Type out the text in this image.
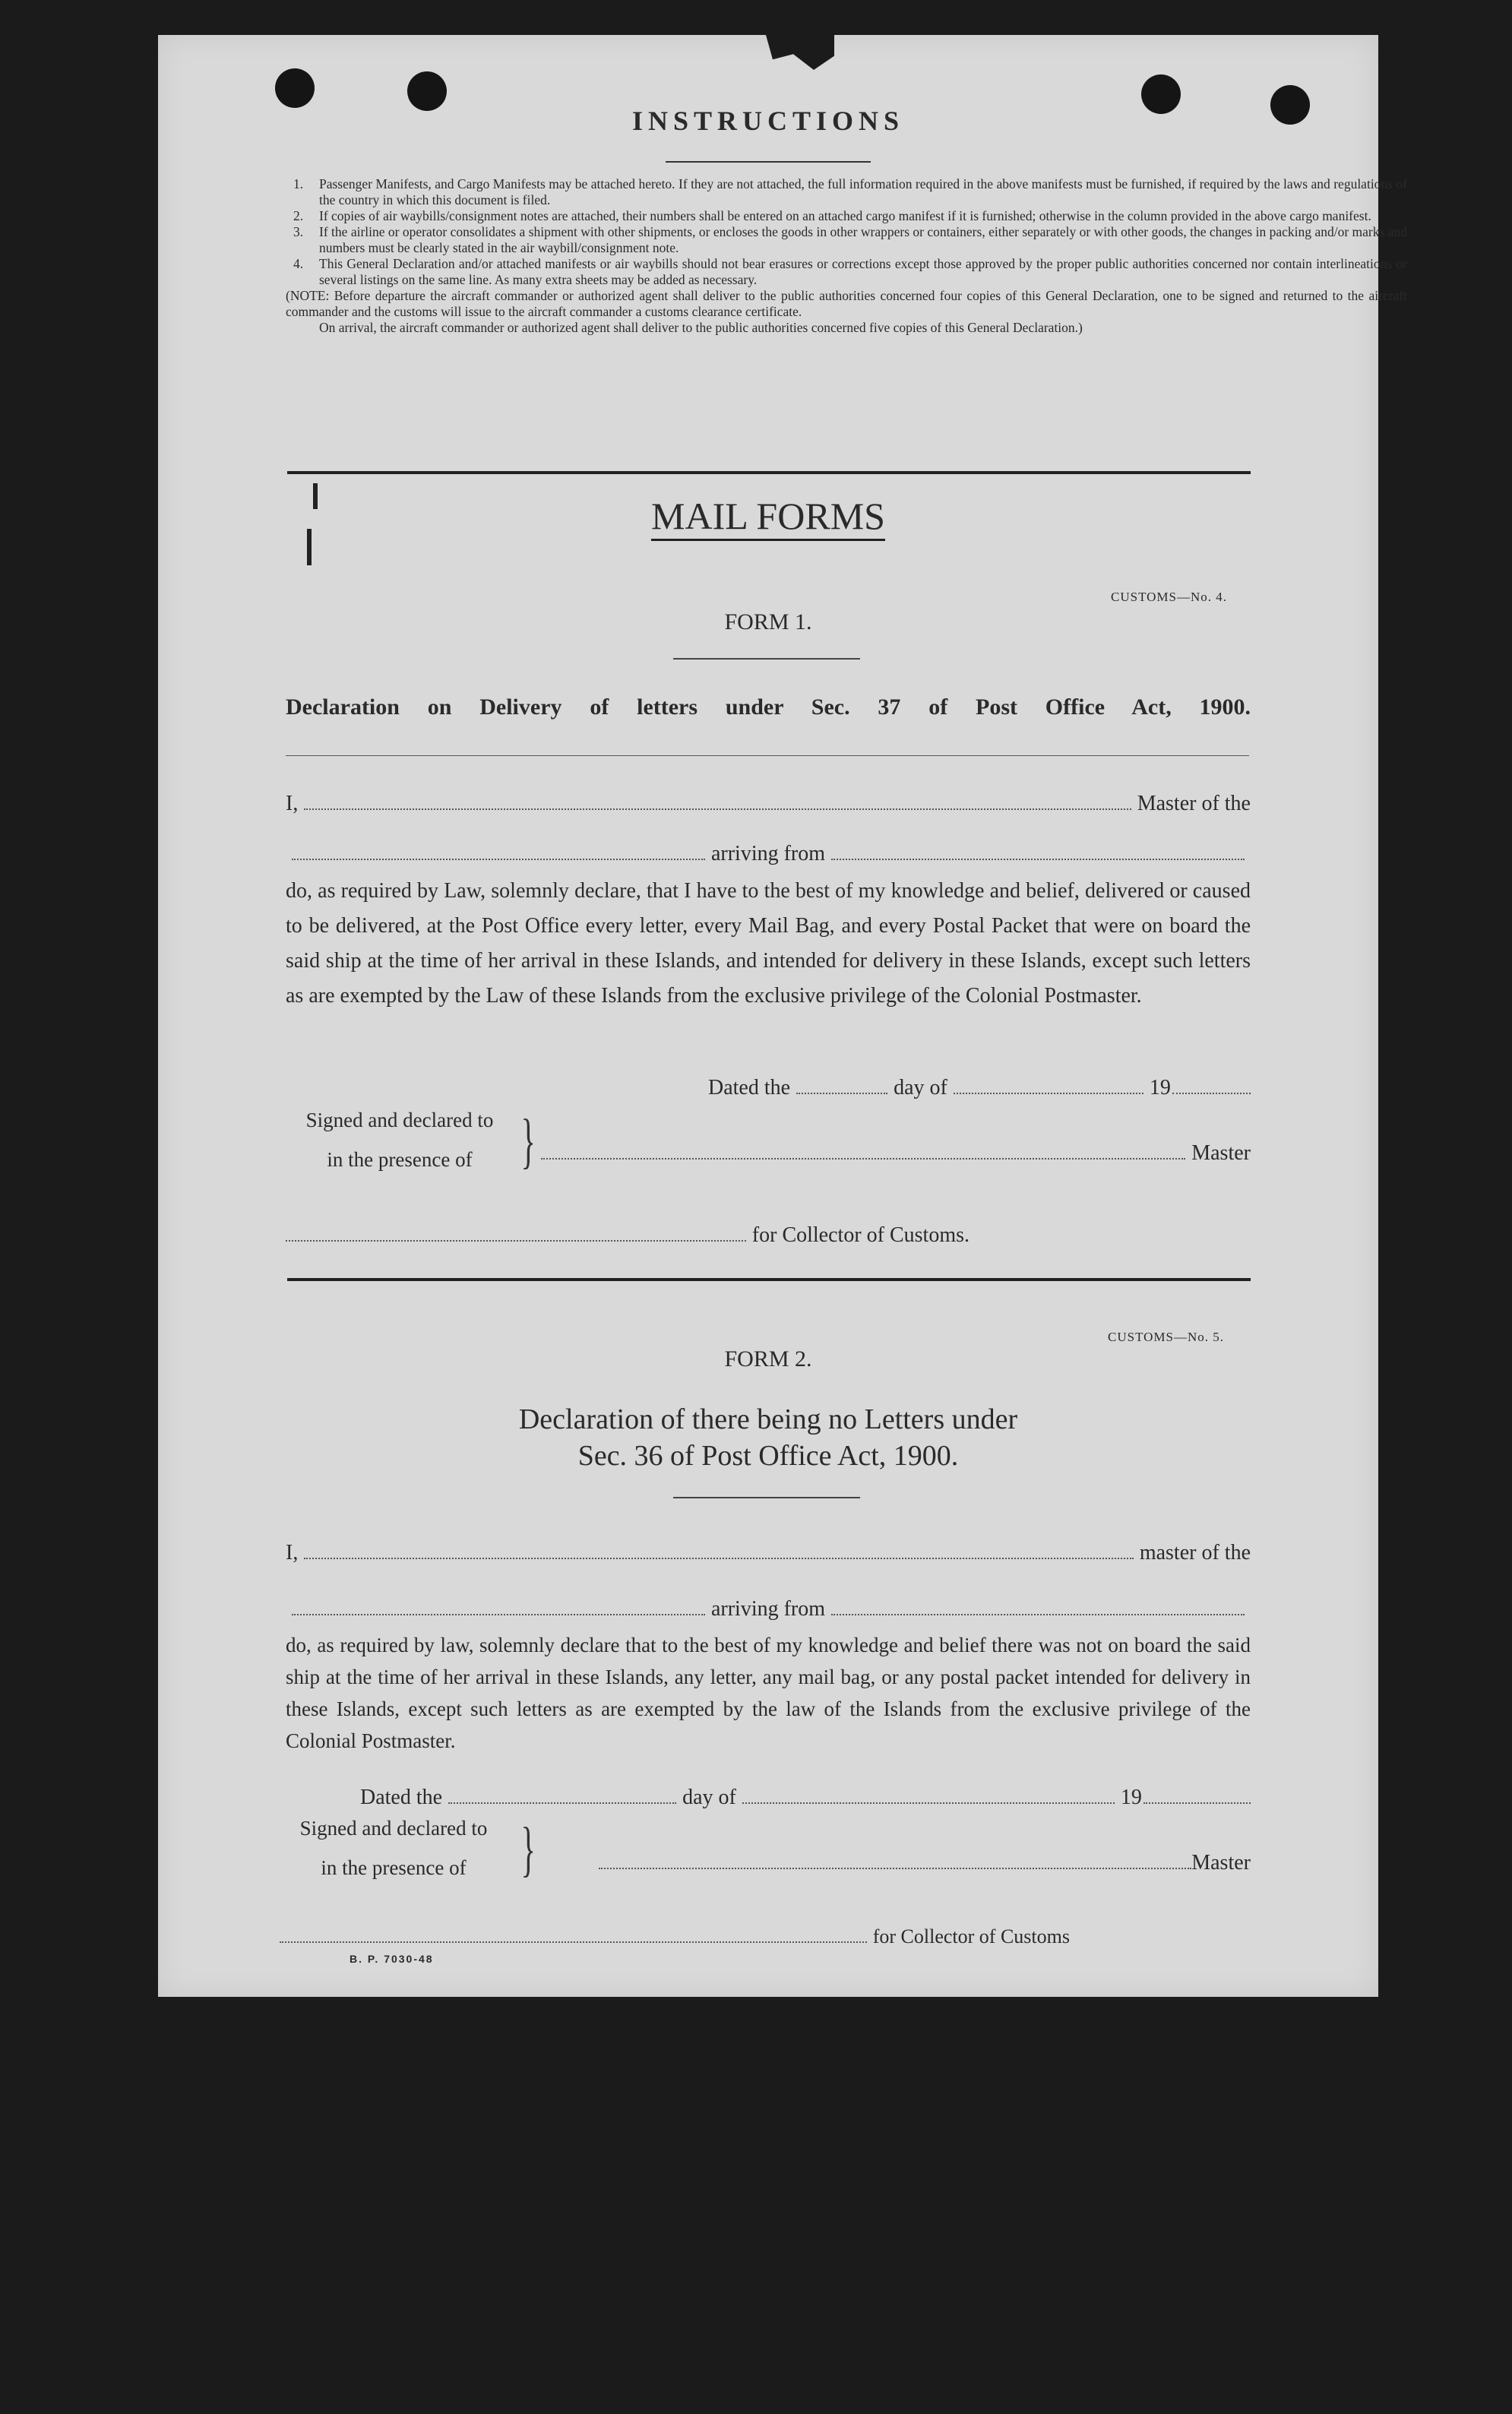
INSTRUCTIONS
1.	Passenger Manifests, and Cargo Manifests may be attached hereto. If they are not attached, the full information required in the above manifests must be furnished, if required by the laws and regulations of the country in which this document is filed.
2.	If copies of air waybills/consignment notes are attached, their numbers shall be entered on an attached cargo manifest if it is furnished; otherwise in the column provided in the above cargo manifest.
3.	If the airline or operator consolidates a shipment with other shipments, or encloses the goods in other wrappers or containers, either separately or with other goods, the changes in packing and/or marks and numbers must be clearly stated in the air waybill/consignment note.
4.	This General Declaration and/or attached manifests or air waybills should not bear erasures or corrections except those approved by the proper public authorities concerned nor contain interlineations or several listings on the same line. As many extra sheets may be added as necessary.
(NOTE: Before departure the aircraft commander or authorized agent shall deliver to the public authorities concerned four copies of this General Declaration, one to be signed and returned to the aircraft commander and the customs will issue to the aircraft commander a customs clearance certificate.
On arrival, the aircraft commander or authorized agent shall deliver to the public authorities concerned five copies of this General Declaration.)
MAIL FORMS
CUSTOMS—No. 4.
FORM 1.
Declaration on Delivery of letters under Sec. 37 of Post Office Act, 1900.
I,	Master of the
arriving from
do, as required by Law, solemnly declare, that I have to the best of my knowledge and belief, delivered or caused to be delivered, at the Post Office every letter, every Mail Bag, and every Postal Packet that were on board the said ship at the time of her arrival in these Islands, and intended for delivery in these Islands, except such letters as are exempted by the Law of these Islands from the exclusive privilege of the Colonial Postmaster.
Dated the	day of	19
Signed and declared to
in the presence of }	Master
for Collector of Customs.
CUSTOMS—No. 5.
FORM 2.
Declaration of there being no Letters under
Sec. 36 of Post Office Act, 1900.
I,	master of the
arriving from
do, as required by law, solemnly declare that to the best of my knowledge and belief there was not on board the said ship at the time of her arrival in these Islands, any letter, any mail bag, or any postal packet intended for delivery in these Islands, except such letters as are exempted by the law of the Islands from the exclusive privilege of the Colonial Postmaster.
Dated the	day of	19
Signed and declared to
in the presence of }	Master
for Collector of Customs
B. P. 7030-48
